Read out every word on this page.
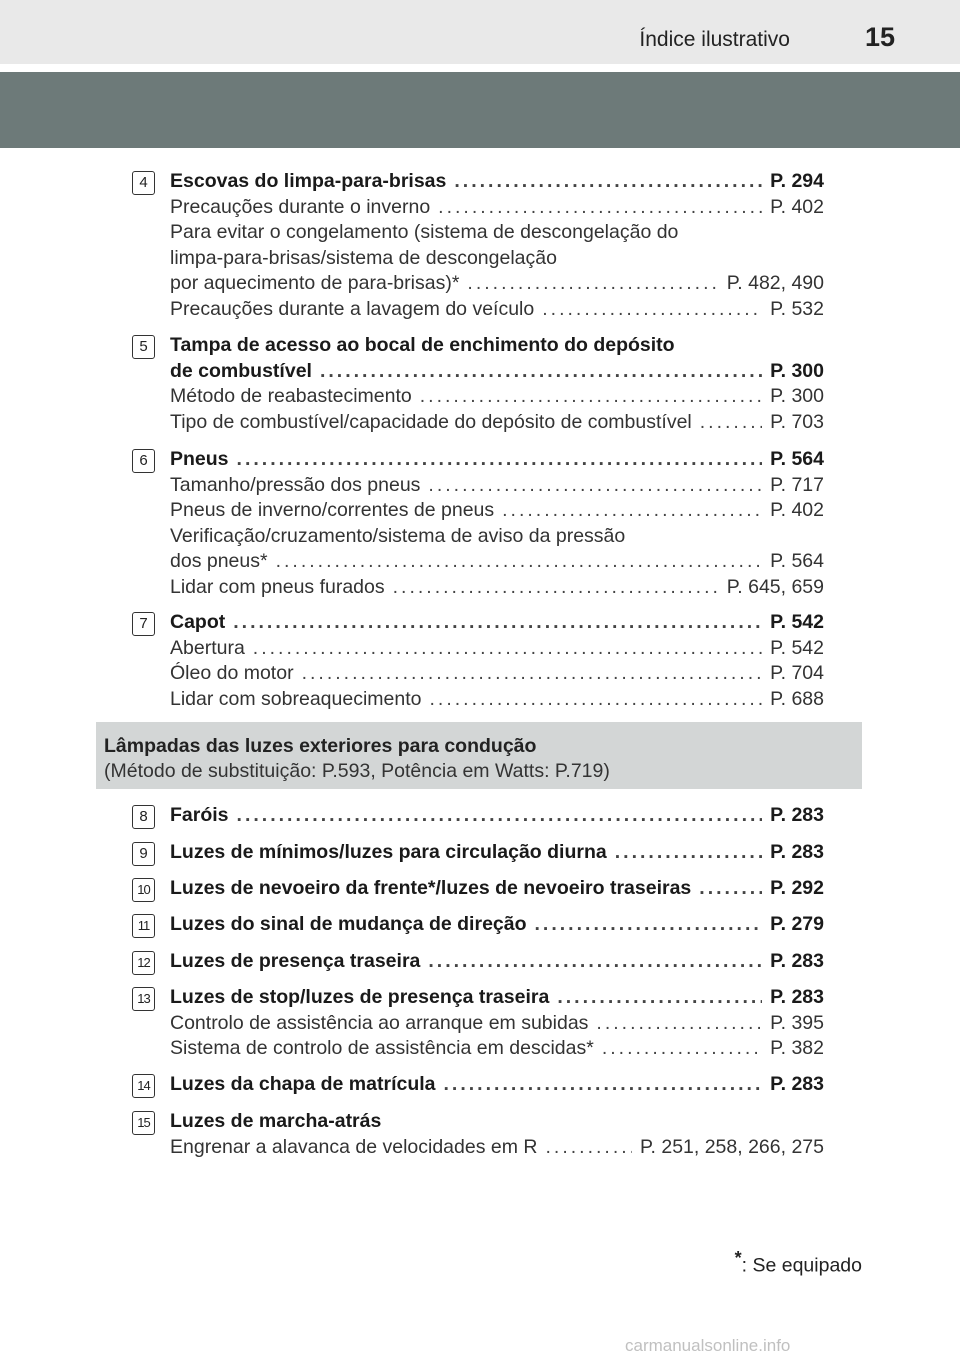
Índice ilustrativo	15
Lâmpadas das luzes exteriores para condução
(Método de substituição: P.593, Potência em Watts: P.719)
4	Escovas do limpa-para-brisas .....	P. 294
Precauções durante o inverno .....	P. 402
Para evitar o congelamento (sistema de descongelação do
limpa-para-brisas/sistema de descongelação
por aquecimento de para-brisas)* .....	P. 482, 490
Precauções durante a lavagem do veículo .....	P. 532
5	Tampa de acesso ao bocal de enchimento do depósito
de combustível .....	P. 300
Método de reabastecimento .....	P. 300
Tipo de combustível/capacidade do depósito de combustível .....	P. 703
6	Pneus .....	P. 564
Tamanho/pressão dos pneus .....	P. 717
Pneus de inverno/correntes de pneus .....	P. 402
Verificação/cruzamento/sistema de aviso da pressão
dos pneus* .....	P. 564
Lidar com pneus furados .....	P. 645, 659
7	Capot .....	P. 542
Abertura .....	P. 542
Óleo do motor .....	P. 704
Lidar com sobreaquecimento .....	P. 688
8	Faróis .....	P. 283
9	Luzes de mínimos/luzes para circulação diurna .....	P. 283
10 Luzes de nevoeiro da frente*/luzes de nevoeiro traseiras .....	P. 292
11 Luzes do sinal de mudança de direção .....	P. 279
12 Luzes de presença traseira .....	P. 283
13 Luzes de stop/luzes de presença traseira .....	P. 283
Controlo de assistência ao arranque em subidas .....	P. 395
Sistema de controlo de assistência em descidas* .....	P. 382
14 Luzes da chapa de matrícula .....	P. 283
15 Luzes de marcha-atrás
Engrenar a alavanca de velocidades em R .....	P. 251, 258, 266, 275
*: Se equipado
carmanualsonline.info
